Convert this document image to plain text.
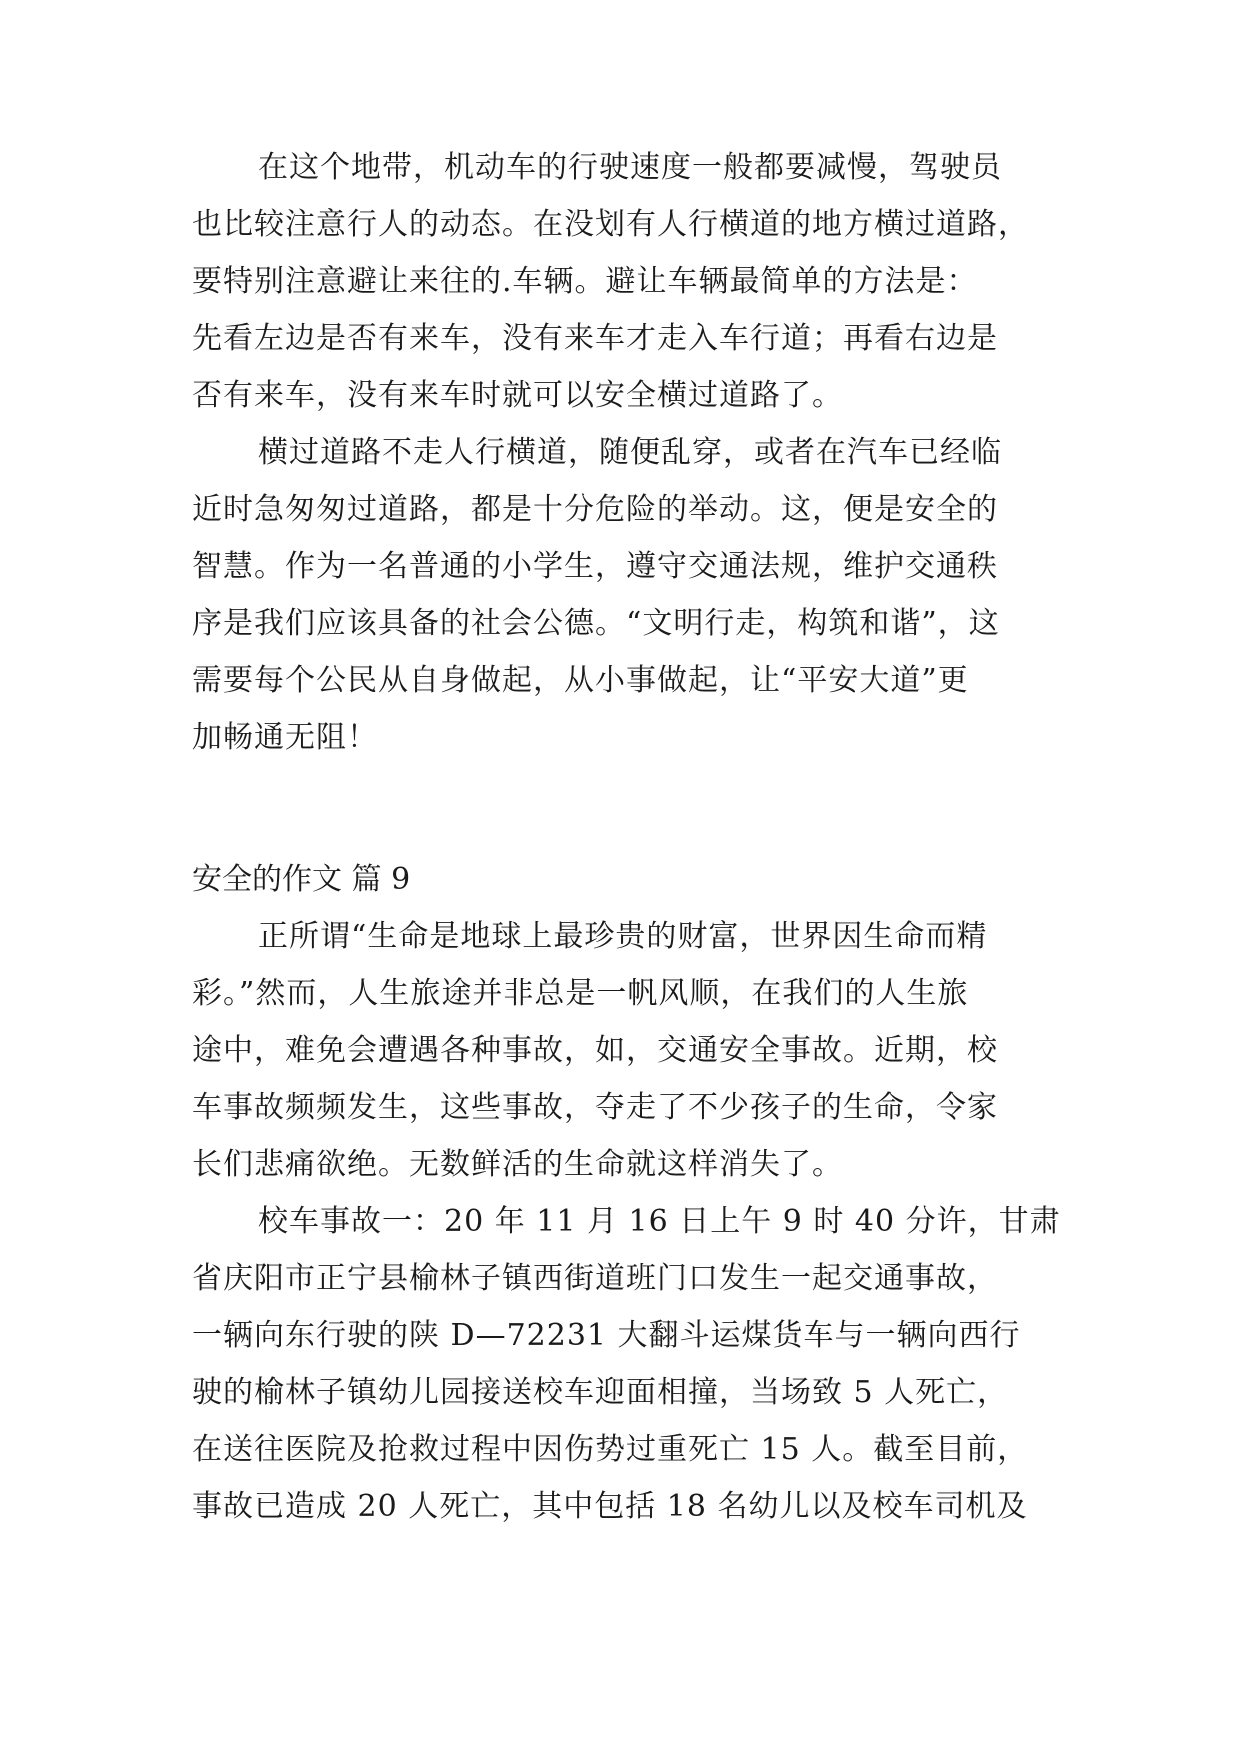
在这个地带，机动车的行驶速度一般都要减慢，驾驶员
也比较注意行人的动态。在没划有人行横道的地方横过道路，
要特别注意避让来往的.车辆。避让车辆最简单的方法是：
先看左边是否有来车，没有来车才走入车行道；再看右边是
否有来车，没有来车时就可以安全横过道路了。
横过道路不走人行横道，随便乱穿，或者在汽车已经临
近时急匆匆过道路，都是十分危险的举动。这，便是安全的
智慧。作为一名普通的小学生，遵守交通法规，维护交通秩
序是我们应该具备的社会公德。“文明行走，构筑和谐”，这
需要每个公民从自身做起，从小事做起，让“平安大道”更
加畅通无阻！
安全的作文 篇 9
正所谓“生命是地球上最珍贵的财富，世界因生命而精
彩。”然而，人生旅途并非总是一帆风顺，在我们的人生旅
途中，难免会遭遇各种事故，如，交通安全事故。近期，校
车事故频频发生，这些事故，夺走了不少孩子的生命，令家
长们悲痛欲绝。无数鲜活的生命就这样消失了。
校车事故一：20 年 11 月 16 日上午 9 时 40 分许，甘肃
省庆阳市正宁县榆林子镇西街道班门口发生一起交通事故，
一辆向东行驶的陕 D—72231 大翻斗运煤货车与一辆向西行
驶的榆林子镇幼儿园接送校车迎面相撞，当场致 5 人死亡，
在送往医院及抢救过程中因伤势过重死亡 15 人。截至目前，
事故已造成 20 人死亡，其中包括 18 名幼儿以及校车司机及
